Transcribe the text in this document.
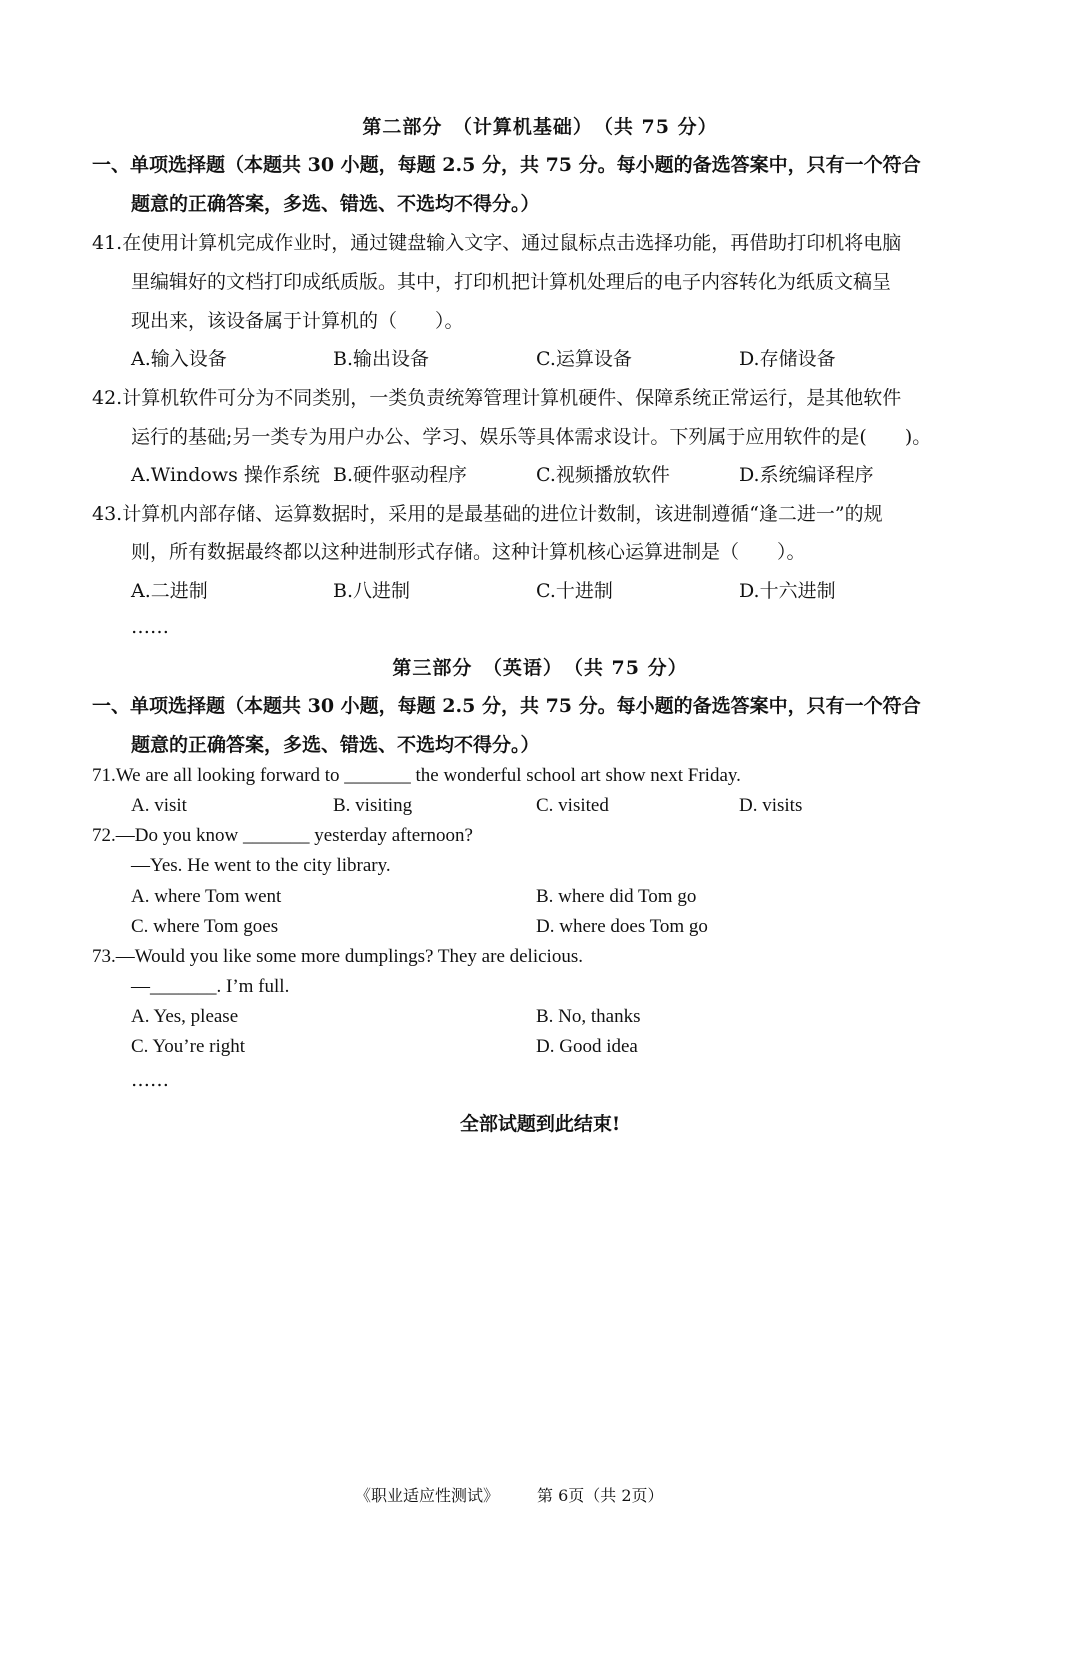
第二部分　（计算机基础）　（共 75 分）
一、单项选择题（本题共 30 小题，每题 2.5 分，共 75 分。每小题的备选答案中，只有一个符合
题意的正确答案，多选、错选、不选均不得分。）
41.在使用计算机完成作业时，通过键盘输入文字、通过鼠标点击选择功能，再借助打印机将电脑
里编辑好的文档打印成纸质版。其中，打印机把计算机处理后的电子内容转化为纸质文稿呈
现出来，该设备属于计算机的（　　）。
A.输入设备	B.输出设备	C.运算设备	D.存储设备
42.计算机软件可分为不同类别，一类负责统筹管理计算机硬件、保障系统正常运行，是其他软件
运行的基础;另一类专为用户办公、学习、娱乐等具体需求设计。下列属于应用软件的是(　　)。
A.Windows 操作系统 B.硬件驱动程序	C.视频播放软件	D.系统编译程序
43.计算机内部存储、运算数据时，采用的是最基础的进位计数制，该进制遵循“逢二进一”的规
则，所有数据最终都以这种进制形式存储。这种计算机核心运算进制是（　　）。
A.二进制	B.八进制	C.十进制	D.十六进制
……
第三部分　（英语）　（共 75 分）
一、单项选择题（本题共 30 小题，每题 2.5 分，共 75 分。每小题的备选答案中，只有一个符合
题意的正确答案，多选、错选、不选均不得分。）
71.We are all looking forward to _______ the wonderful school art show next Friday.
A. visit	B. visiting	C. visited	D. visits
72.—Do you know _______ yesterday afternoon?
—Yes. He went to the city library.
A. where Tom went	B. where did Tom go
C. where Tom goes	D. where does Tom go
73.—Would you like some more dumplings? They are delicious.
—_______. I’m full.
A. Yes, please	B. No, thanks
C. You’re right	D. Good idea
……
全部试题到此结束!
《职业适应性测试》 第 6页（共 2页）
